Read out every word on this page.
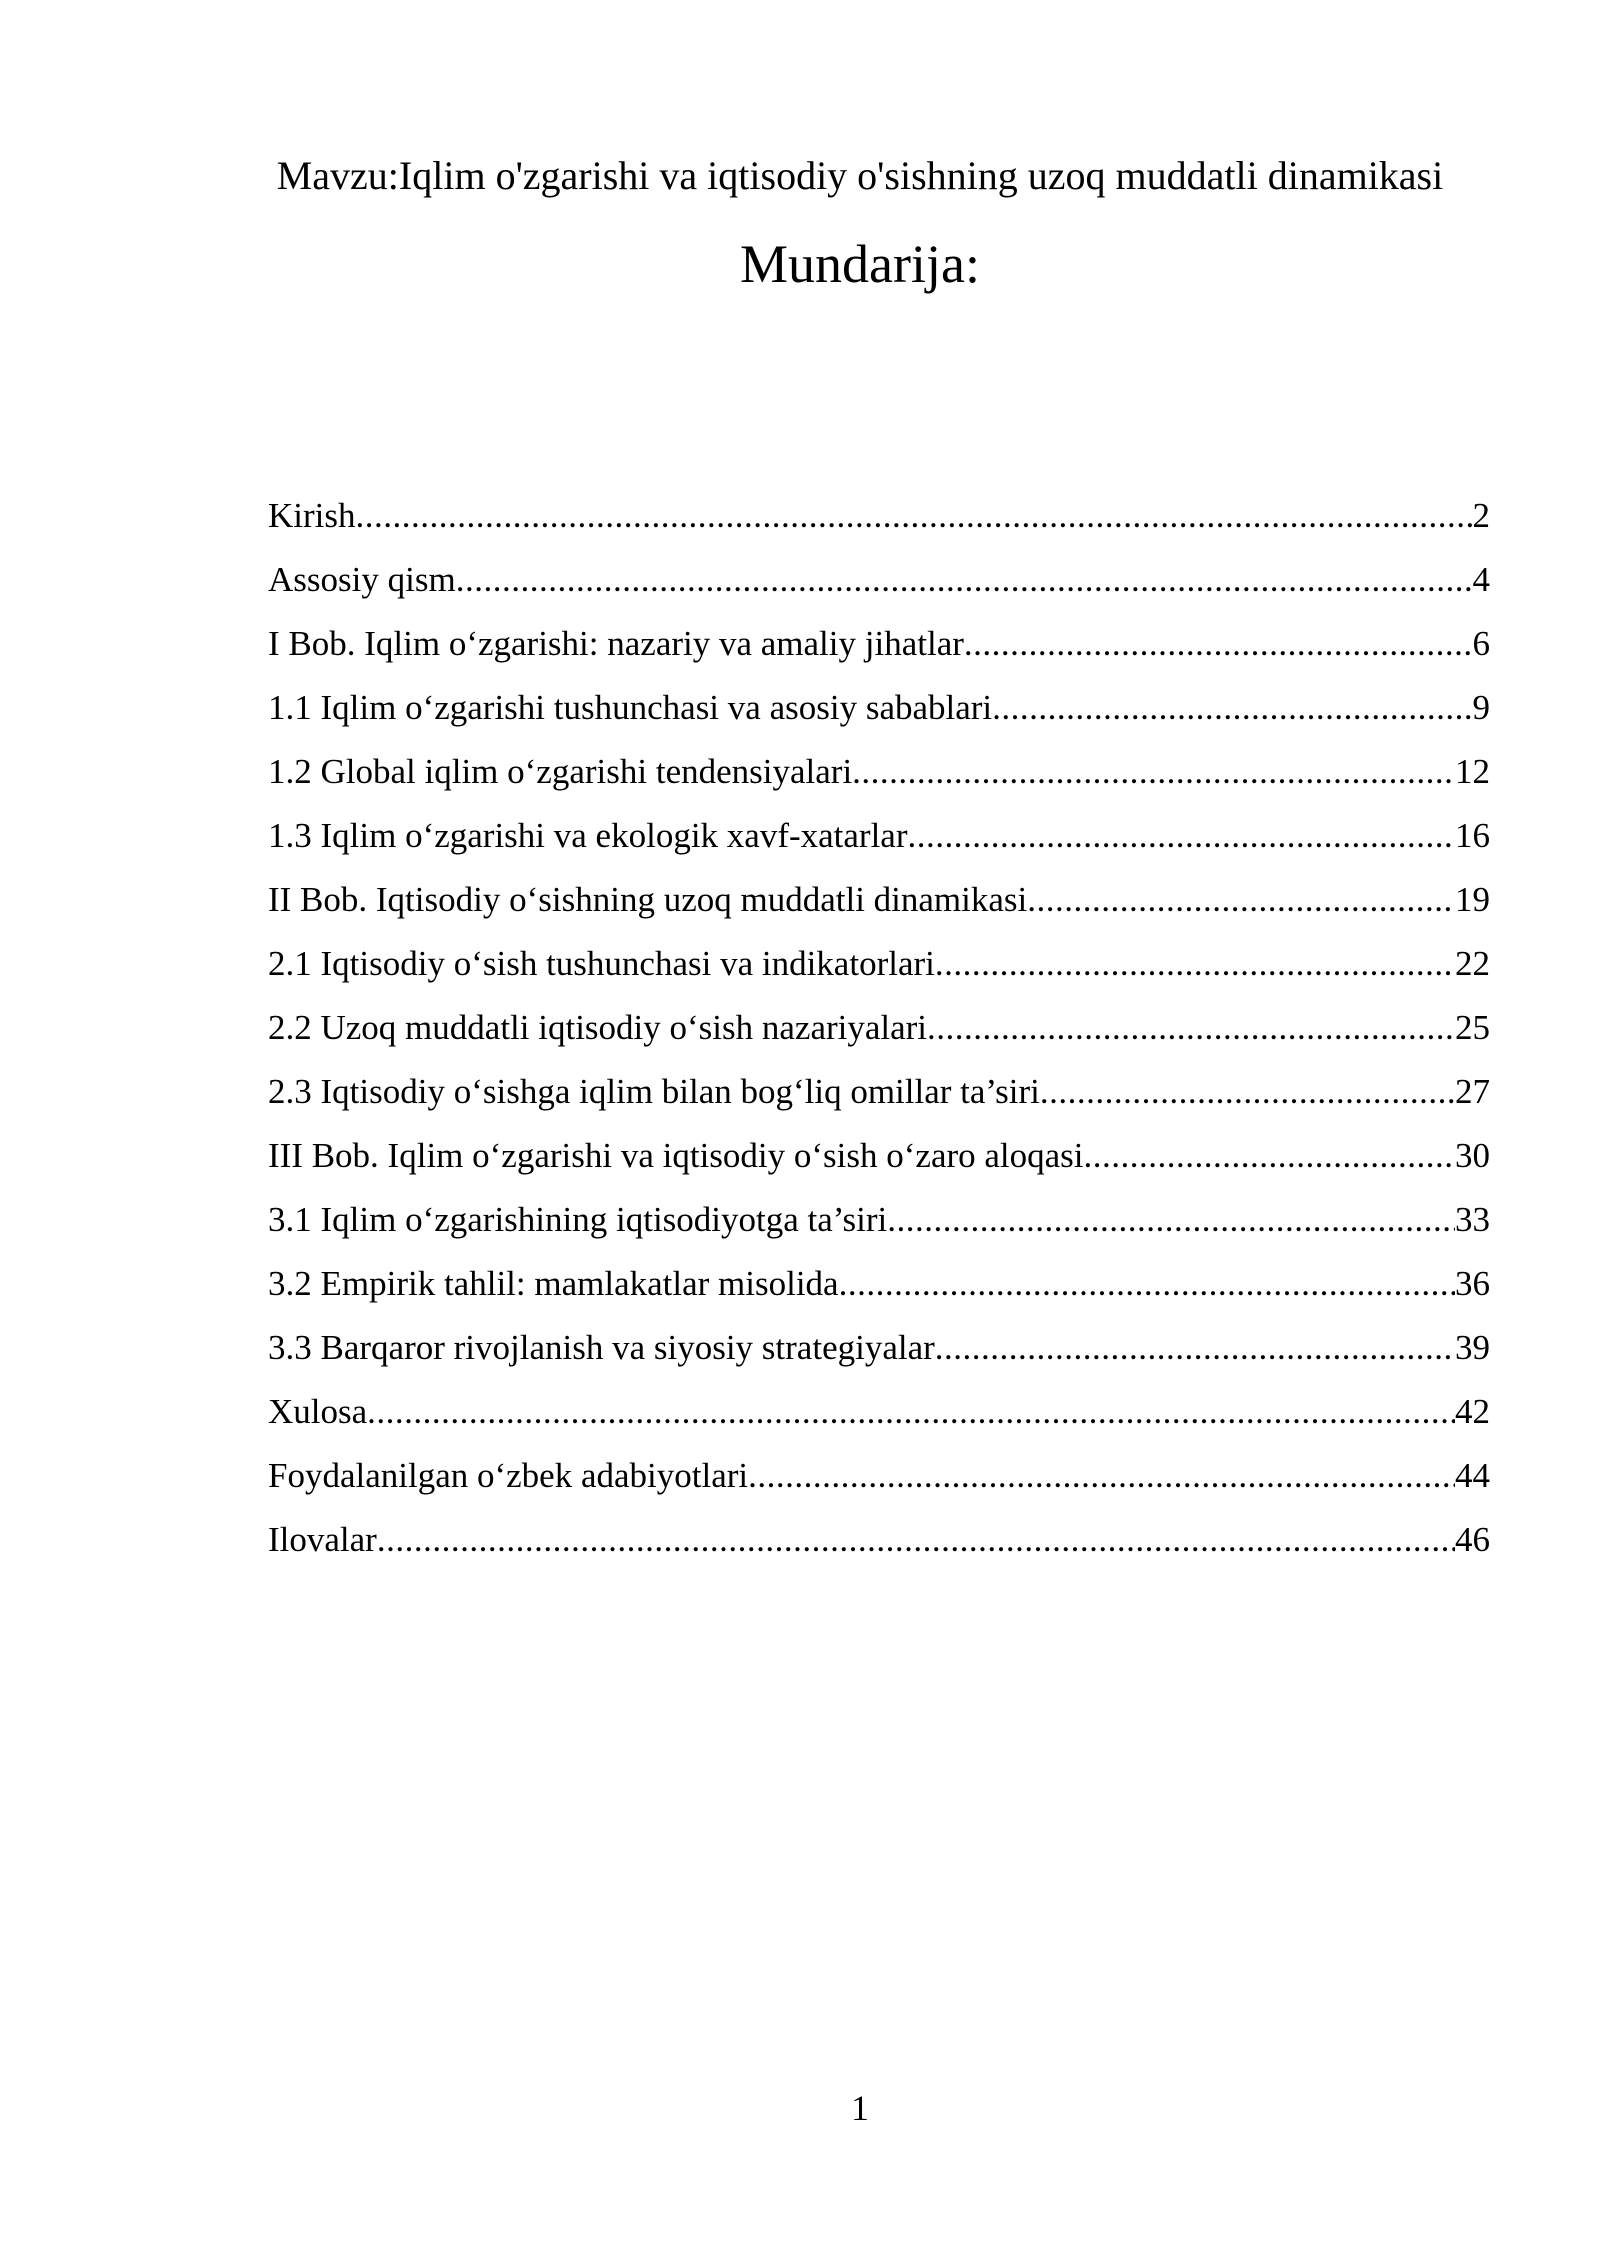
Mavzu:Iqlim o'zgarishi va iqtisodiy o'sishning uzoq muddatli dinamikasi
Mundarija:
Kirish .....	2
Assosiy qism .....	4
I Bob. Iqlim o‘zgarishi: nazariy va amaliy jihatlar .....	6
1.1 Iqlim o‘zgarishi tushunchasi va asosiy sabablari .....	9
1.2 Global iqlim o‘zgarishi tendensiyalari .....	12
1.3 Iqlim o‘zgarishi va ekologik xavf-xatarlar .....	16
II Bob. Iqtisodiy o‘sishning uzoq muddatli dinamikasi .....	19
2.1 Iqtisodiy o‘sish tushunchasi va indikatorlari .....	22
2.2 Uzoq muddatli iqtisodiy o‘sish nazariyalari .....	25
2.3 Iqtisodiy o‘sishga iqlim bilan bog‘liq omillar ta’siri .....	27
III Bob. Iqlim o‘zgarishi va iqtisodiy o‘sish o‘zaro aloqasi .....	30
3.1 Iqlim o‘zgarishining iqtisodiyotga ta’siri .....	33
3.2 Empirik tahlil: mamlakatlar misolida .....	36
3.3 Barqaror rivojlanish va siyosiy strategiyalar .....	39
Xulosa .....	42
Foydalanilgan o‘zbek adabiyotlari .....	44
Ilovalar .....	46
1
